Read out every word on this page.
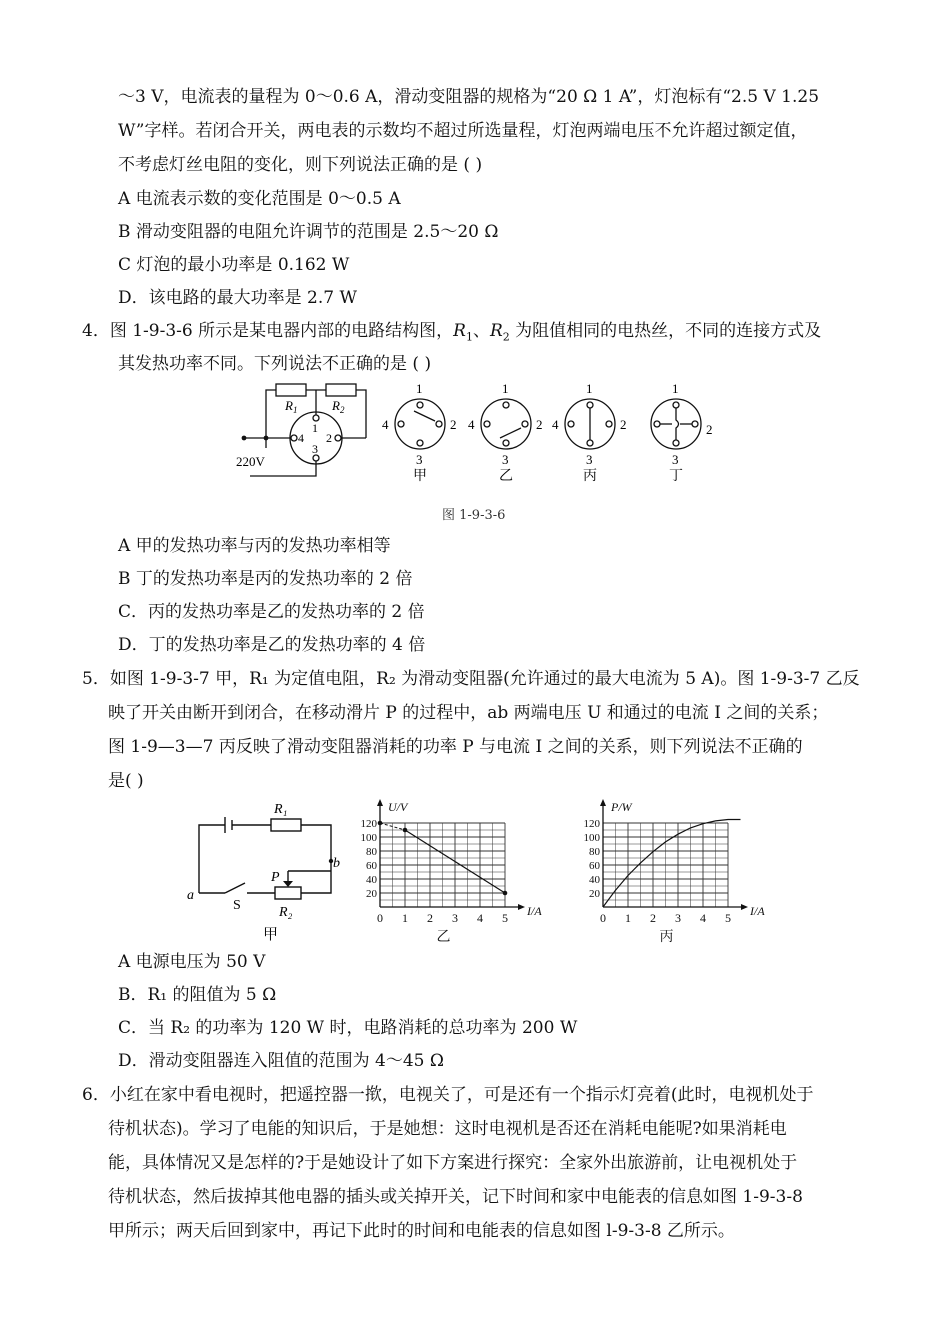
～3 V，电流表的量程为 0～0.6 A，滑动变阻器的规格为“20 Ω 1 A”，灯泡标有“2.5 V 1.25
W”字样。若闭合开关，两电表的示数均不超过所选量程，灯泡两端电压不允许超过额定值，
不考虑灯丝电阻的变化，则下列说法正确的是 ( )
A 电流表示数的变化范围是 0～0.5 A
B 滑动变阻器的电阻允许调节的范围是 2.5～20 Ω
C 灯泡的最小功率是 0.162 W
D．该电路的最大功率是 2.7 W
4．图 1-9-3-6 所示是某电器内部的电路结构图，$R_1$、$R_2$ 为阻值相同的电热丝，不同的连接方式及
其发热功率不同。下列说法不正确的是 ( )
$R_1$	$R_2$
1
2
3
4
220V
1
2
3
4
1
2
3
4
1
2
3
4
1
2
3
甲	乙	丙	丁
图 1-9-3-6
A 甲的发热功率与丙的发热功率相等
B 丁的发热功率是丙的发热功率的 2 倍
C．丙的发热功率是乙的发热功率的 2 倍
D．丁的发热功率是乙的发热功率的 4 倍
5．如图 1-9-3-7 甲，R₁ 为定值电阻，R₂ 为滑动变阻器(允许通过的最大电流为 5 A)。图 1-9-3-7 乙反
映了开关由断开到闭合，在移动滑片 P 的过程中，ab 两端电压 U 和通过的电流 I 之间的关系；
图 1-9—3—7 丙反映了滑动变阻器消耗的功率 P 与电流 I 之间的关系，则下列说法不正确的
是( )
R₁
P
R₂
S
a
b
甲
0 1 2 3 4 5
20
40
60
80
100
120
U/V
I/A
乙
0 1 2 3 4 5
20
40
60
80
100
120
P/W
I/A
丙
A 电源电压为 50 V
B．R₁ 的阻值为 5 Ω
C．当 R₂ 的功率为 120 W 时，电路消耗的总功率为 200 W
D．滑动变阻器连入阻值的范围为 4～45 Ω
6．小红在家中看电视时，把遥控器一揿，电视关了，可是还有一个指示灯亮着(此时，电视机处于
待机状态)。学习了电能的知识后，于是她想：这时电视机是否还在消耗电能呢?如果消耗电
能，具体情况又是怎样的?于是她设计了如下方案进行探究：全家外出旅游前，让电视机处于
待机状态，然后拔掉其他电器的插头或关掉开关，记下时间和家中电能表的信息如图 1-9-3-8
甲所示；两天后回到家中，再记下此时的时间和电能表的信息如图 l-9-3-8 乙所示。
